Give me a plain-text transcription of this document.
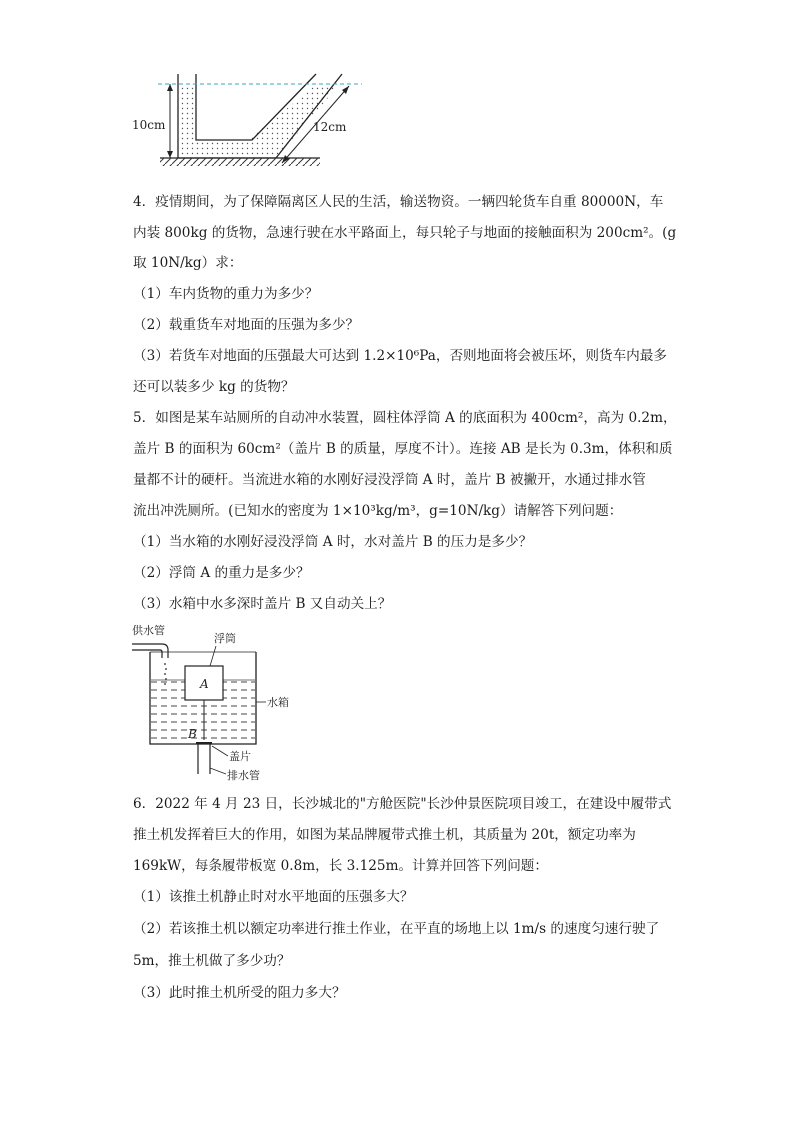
10cm	12cm
4．疫情期间，为了保障隔离区人民的生活，输送物资。一辆四轮货车自重 80000N，车
内装 800kg 的货物，急速行驶在水平路面上，每只轮子与地面的接触面积为 200cm²。(g
取 10N/kg）求：
（1）车内货物的重力为多少？
（2）载重货车对地面的压强为多少？
（3）若货车对地面的压强最大可达到 1.2×10⁶Pa，否则地面将会被压坏，则货车内最多
还可以装多少 kg 的货物？
5．如图是某车站厕所的自动冲水装置，圆柱体浮筒 A 的底面积为 400cm²，高为 0.2m，
盖片 B 的面积为 60cm²（盖片 B 的质量，厚度不计）。连接 AB 是长为 0.3m，体积和质
量都不计的硬杆。当流进水箱的水刚好浸没浮筒 A 时，盖片 B 被撇开，水通过排水管
流出冲洗厕所。(已知水的密度为 1×10³kg/m³，g=10N/kg）请解答下列问题：
（1）当水箱的水刚好浸没浮筒 A 时，水对盖片 B 的压力是多少？
（2）浮筒 A 的重力是多少？
（3）水箱中水多深时盖片 B 又自动关上？
供水管
A
浮筒
B
水箱
盖片
排水管
6．2022 年 4 月 23 日，长沙城北的"方舱医院"长沙仲景医院项目竣工，在建设中履带式
推土机发挥着巨大的作用，如图为某品牌履带式推土机，其质量为 20t，额定功率为
169kW，每条履带板宽 0.8m，长 3.125m。计算并回答下列问题：
（1）该推土机静止时对水平地面的压强多大？
（2）若该推土机以额定功率进行推土作业，在平直的场地上以 1m/s 的速度匀速行驶了
5m，推土机做了多少功？
（3）此时推土机所受的阻力多大？
